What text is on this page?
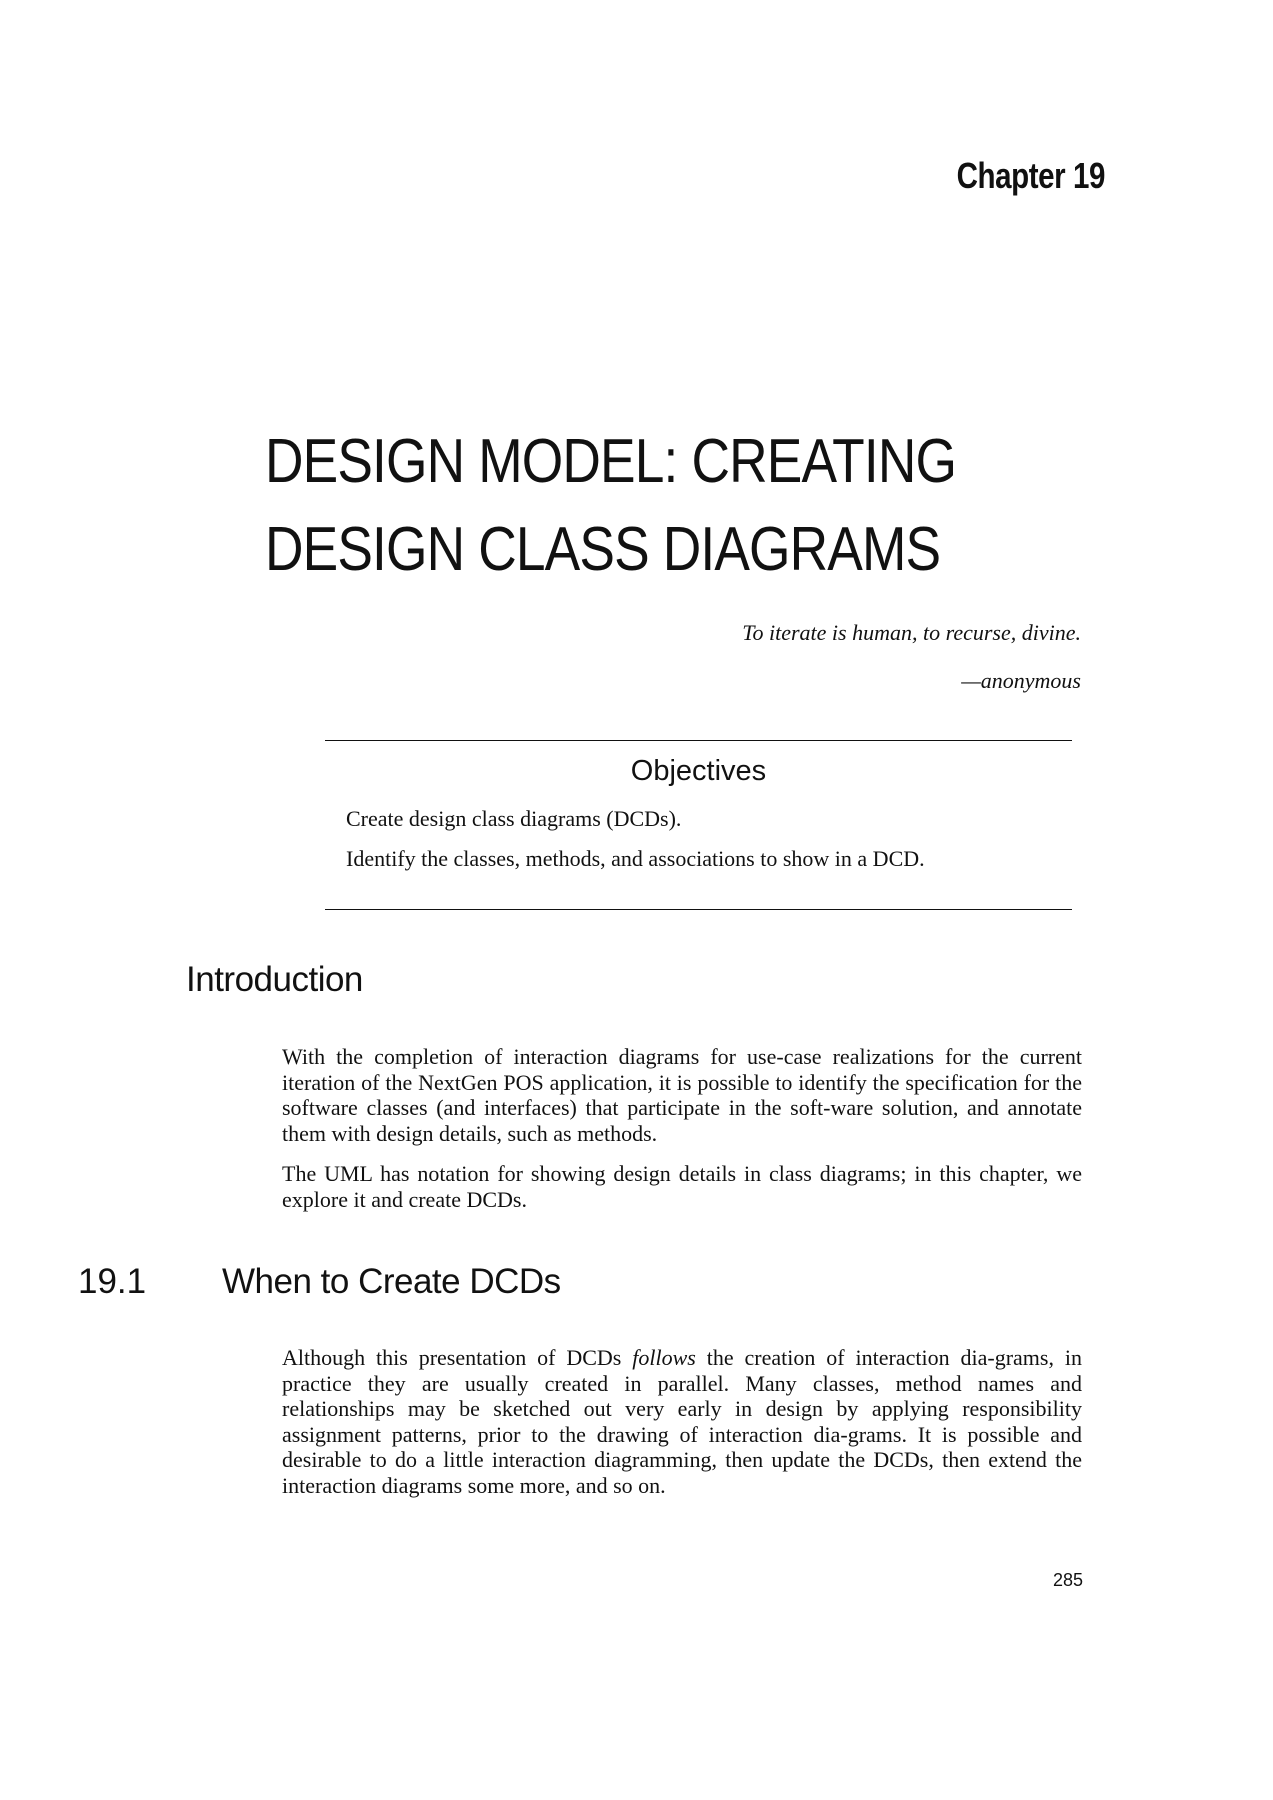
Chapter 19
DESIGN MODEL: CREATING
DESIGN CLASS DIAGRAMS
To iterate is human, to recurse, divine.
—anonymous
Objectives
Create design class diagrams (DCDs).
Identify the classes, methods, and associations to show in a DCD.
Introduction
With the completion of interaction diagrams for use-case realizations for the current iteration of the NextGen POS application, it is possible to identify the specification for the software classes (and interfaces) that participate in the soft-ware solution, and annotate them with design details, such as methods.
The UML has notation for showing design details in class diagrams; in this chapter, we explore it and create DCDs.
19.1 When to Create DCDs
Although this presentation of DCDs follows the creation of interaction dia-grams, in practice they are usually created in parallel. Many classes, method names and relationships may be sketched out very early in design by applying responsibility assignment patterns, prior to the drawing of interaction dia-grams. It is possible and desirable to do a little interaction diagramming, then update the DCDs, then extend the interaction diagrams some more, and so on.
285
